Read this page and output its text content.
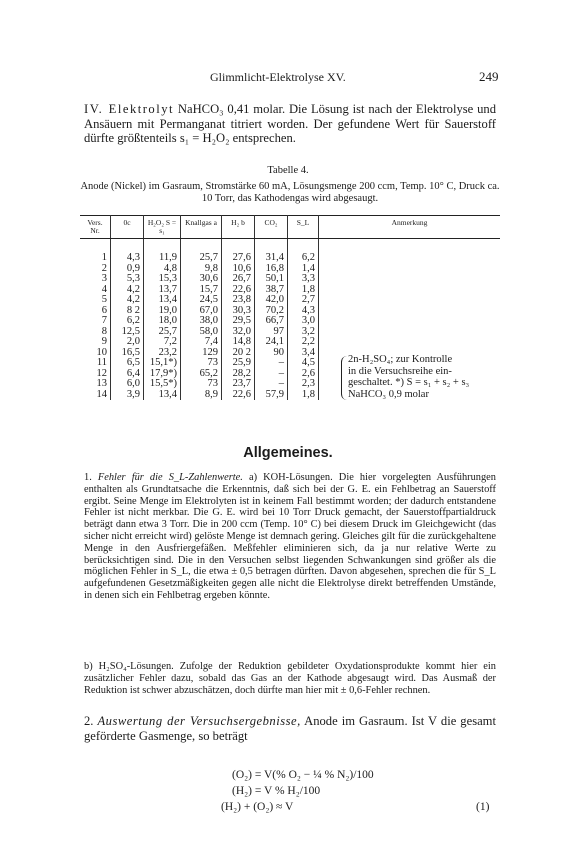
Glimmlicht-Elektrolyse XV.	249

IV. Elektrolyt NaHCO₃ 0,41 molar. Die Lösung ist nach der Elektrolyse und Ansäuern mit Permanganat titriert worden. Der gefundene Wert für Sauerstoff dürfte größtenteils s₁ = H₂O₂ entsprechen.

Tabelle 4.
Anode (Nickel) im Gasraum, Stromstärke 60 mA, Lösungsmenge 200 ccm, Temp. 10° C, Druck ca. 10 Torr, das Kathodengas wird abgesaugt.
Vers. Nr.	0c	H₂O₂ S = s₁	Knallgas a	H₂ b	CO₂	S_L	Anmerkung
1	4,3	11,9	25,7	27,6	31,4	6,2	
2	0,9	4,8	9,8	10,6	16,8	1,4	
3	5,3	15,3	30,6	26,7	50,1	3,3	
4	4,2	13,7	15,7	22,6	38,7	1,8	
5	4,2	13,4	24,5	23,8	42,0	2,7	
6	8 2	19,0	67,0	30,3	70,2	4,3	
7	6,2	18,0	38,0	29,5	66,7	3,0	
8	12,5	25,7	58,0	32,0	97	3,2	
9	2,0	7,2	7,4	14,8	24,1	2,2	
10	16,5	23,2	129	20 2	90	3,4	
11	6,5	15,1*)	73	25,9	–	4,5	
12	6,4	17,9*)	65,2	28,2	–	2,6	
13	6,0	15,5*)	73	23,7	–	2,3	
14	3,9	13,4	8,9	22,6	57,9	1,8	
2n-H₂SO₄; zur Kontrolle
in die Versuchsreihe ein-
geschaltet. *) S = s₁ + s₂ + s₃
NaHCO₃ 0,9 molar
Allgemeines.

1. Fehler für die S_L-Zahlenwerte. a) KOH-Lösungen. Die hier vorgelegten Ausführungen enthalten als Grundtatsache die Erkenntnis, daß sich bei der G. E. ein Fehlbetrag an Sauerstoff ergibt. Seine Menge im Elektrolyten ist in keinem Fall bestimmt worden; der dadurch entstandene Fehler ist nicht merkbar. Die G. E. wird bei 10 Torr Druck gemacht, der Sauerstoffpartialdruck beträgt dann etwa 3 Torr. Die in 200 ccm (Temp. 10° C) bei diesem Druck im Gleichgewicht (das sicher nicht erreicht wird) gelöste Menge ist demnach gering. Gleiches gilt für die zurückgehaltene Menge in den Ausfriergefäßen. Meßfehler eliminieren sich, da ja nur relative Werte zu berücksichtigen sind. Die in den Versuchen selbst liegenden Schwankungen sind größer als die möglichen Fehler in S_L, die etwa ± 0,5 betragen dürften. Davon abgesehen, sprechen die für S_L aufgefundenen Gesetzmäßigkeiten gegen alle nicht die Elektrolyse direkt betreffenden Umstände, in denen sich ein Fehlbetrag ergeben könnte.

b) H₂SO₄-Lösungen. Zufolge der Reduktion gebildeter Oxydationsprodukte kommt hier ein zusätzlicher Fehler dazu, sobald das Gas an der Kathode abgesaugt wird. Das Ausmaß der Reduktion ist schwer abzuschätzen, doch dürfte man hier mit ± 0,6-Fehler rechnen.

2. Auswertung der Versuchsergebnisse, Anode im Gasraum. Ist V die gesamt geförderte Gasmenge, so beträgt

(O₂) = V(% O₂ − ¼ % N₂)/100
(H₂) = V % H₂/100
(H₂) + (O₂) ≈ V	(1)
